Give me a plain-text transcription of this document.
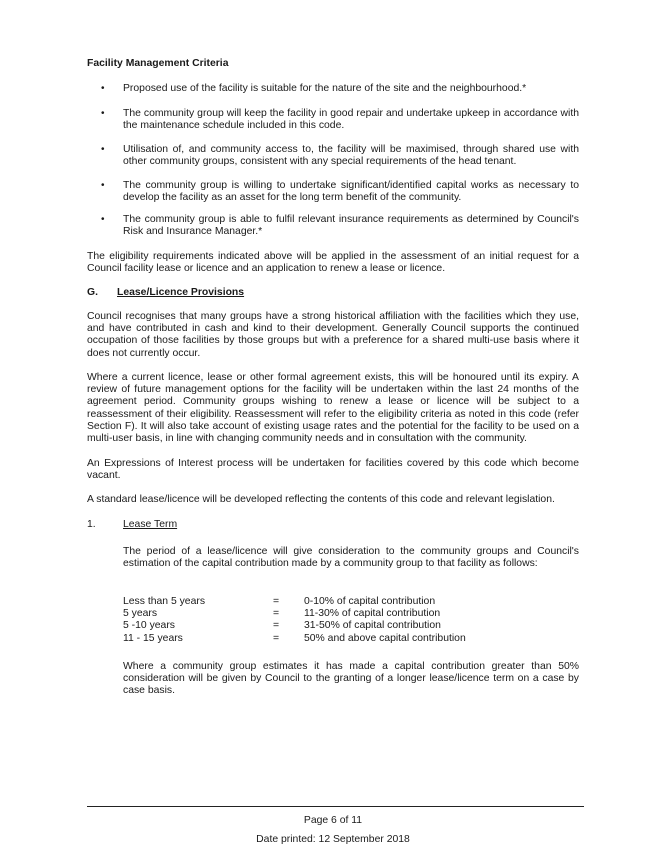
Facility Management Criteria
• Proposed use of the facility is suitable for the nature of the site and the neighbourhood.*
• The community group will keep the facility in good repair and undertake upkeep in accordance with the maintenance schedule included in this code.
• Utilisation of, and community access to, the facility will be maximised, through shared use with other community groups, consistent with any special requirements of the head tenant.
• The community group is willing to undertake significant/identified capital works as necessary to develop the facility as an asset for the long term benefit of the community.
• The community group is able to fulfil relevant insurance requirements as determined by Council's Risk and Insurance Manager.*
The eligibility requirements indicated above will be applied in the assessment of an initial request for a Council facility lease or licence and an application to renew a lease or licence.
G. Lease/Licence Provisions
Council recognises that many groups have a strong historical affiliation with the facilities which they use, and have contributed in cash and kind to their development. Generally Council supports the continued occupation of those facilities by those groups but with a preference for a shared multi-use basis where it does not currently occur.
Where a current licence, lease or other formal agreement exists, this will be honoured until its expiry. A review of future management options for the facility will be undertaken within the last 24 months of the agreement period. Community groups wishing to renew a lease or licence will be subject to a reassessment of their eligibility. Reassessment will refer to the eligibility criteria as noted in this code (refer Section F). It will also take account of existing usage rates and the potential for the facility to be used on a multi-user basis, in line with changing community needs and in consultation with the community.
An Expressions of Interest process will be undertaken for facilities covered by this code which become vacant.
A standard lease/licence will be developed reflecting the contents of this code and relevant legislation.
1.	Lease Term
The period of a lease/licence will give consideration to the community groups and Council's estimation of the capital contribution made by a community group to that facility as follows:
Less than 5 years	= 0-10% of capital contribution
5 years	= 11-30% of capital contribution
5 -10 years	= 31-50% of capital contribution
11 - 15 years	= 50% and above capital contribution
Where a community group estimates it has made a capital contribution greater than 50% consideration will be given by Council to the granting of a longer lease/licence term on a case by case basis.
Page 6 of 11
Date printed: 12 September 2018
